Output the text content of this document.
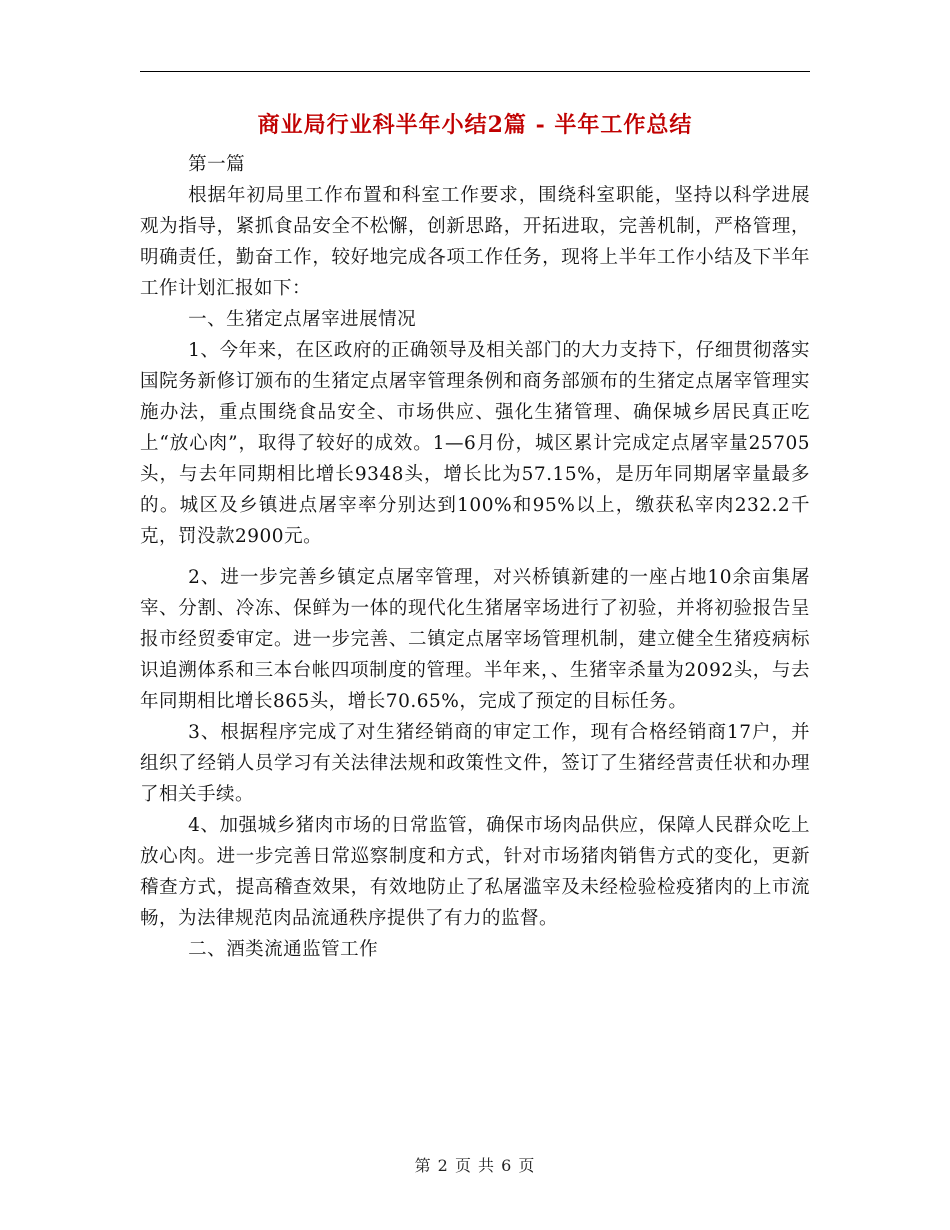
商业局行业科半年小结2篇 - 半年工作总结

第一篇

根据年初局里工作布置和科室工作要求，围绕科室职能，坚持以科学进展观为指导，紧抓食品安全不松懈，创新思路，开拓进取，完善机制，严格管理，明确责任，勤奋工作，较好地完成各项工作任务，现将上半年工作小结及下半年工作计划汇报如下：

一、生猪定点屠宰进展情况

1、今年来，在区政府的正确领导及相关部门的大力支持下，仔细贯彻落实国院务新修订颁布的生猪定点屠宰管理条例和商务部颁布的生猪定点屠宰管理实施办法，重点围绕食品安全、市场供应、强化生猪管理、确保城乡居民真正吃上“放心肉”，取得了较好的成效。1—6月份，城区累计完成定点屠宰量25705头，与去年同期相比增长9348头，增长比为57.15%，是历年同期屠宰量最多的。城区及乡镇进点屠宰率分别达到100%和95%以上，缴获私宰肉232.2千克，罚没款2900元。

2、进一步完善乡镇定点屠宰管理，对兴桥镇新建的一座占地10余亩集屠宰、分割、冷冻、保鲜为一体的现代化生猪屠宰场进行了初验，并将初验报告呈报市经贸委审定。进一步完善、二镇定点屠宰场管理机制，建立健全生猪疫病标识追溯体系和三本台帐四项制度的管理。半年来，、生猪宰杀量为2092头，与去年同期相比增长865头，增长70.65%，完成了预定的目标任务。

3、根据程序完成了对生猪经销商的审定工作，现有合格经销商17户，并组织了经销人员学习有关法律法规和政策性文件，签订了生猪经营责任状和办理了相关手续。

4、加强城乡猪肉市场的日常监管，确保市场肉品供应，保障人民群众吃上放心肉。进一步完善日常巡察制度和方式，针对市场猪肉销售方式的变化，更新稽查方式，提高稽查效果，有效地防止了私屠滥宰及未经检验检疫猪肉的上市流畅，为法律规范肉品流通秩序提供了有力的监督。

二、酒类流通监管工作

第 2 页 共 6 页
